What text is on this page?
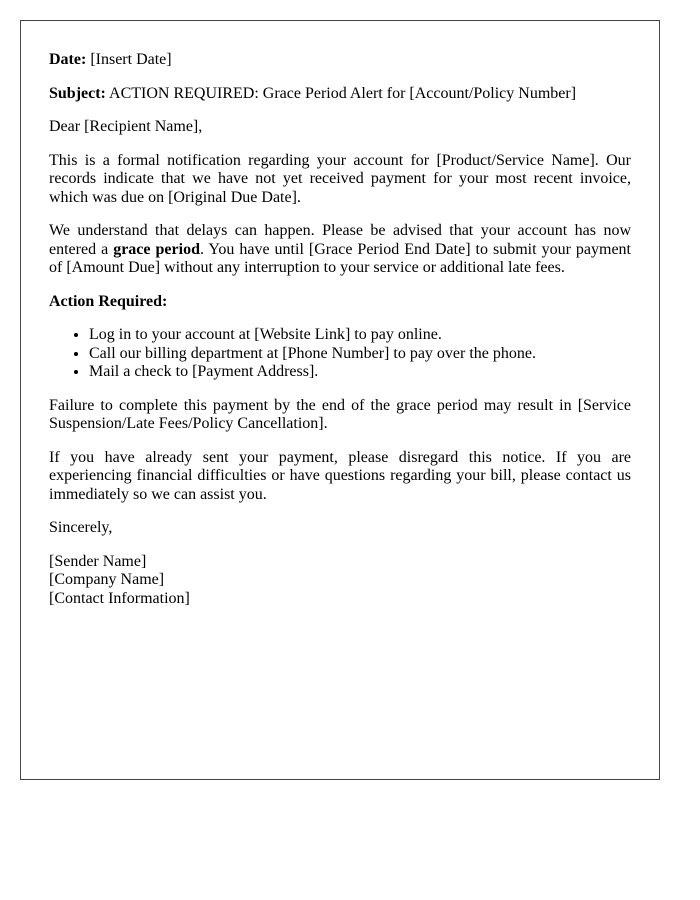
Date: [Insert Date]

Subject: ACTION REQUIRED: Grace Period Alert for [Account/Policy Number]

Dear [Recipient Name],

This is a formal notification regarding your account for [Product/Service Name]. Our records indicate that we have not yet received payment for your most recent invoice, which was due on [Original Due Date].

We understand that delays can happen. Please be advised that your account has now entered a grace period. You have until [Grace Period End Date] to submit your payment of [Amount Due] without any interruption to your service or additional late fees.

Action Required:

• Log in to your account at [Website Link] to pay online.
• Call our billing department at [Phone Number] to pay over the phone.
• Mail a check to [Payment Address].

Failure to complete this payment by the end of the grace period may result in [Service Suspension/Late Fees/Policy Cancellation].

If you have already sent your payment, please disregard this notice. If you are experiencing financial difficulties or have questions regarding your bill, please contact us immediately so we can assist you.

Sincerely,

[Sender Name]
[Company Name]
[Contact Information]
